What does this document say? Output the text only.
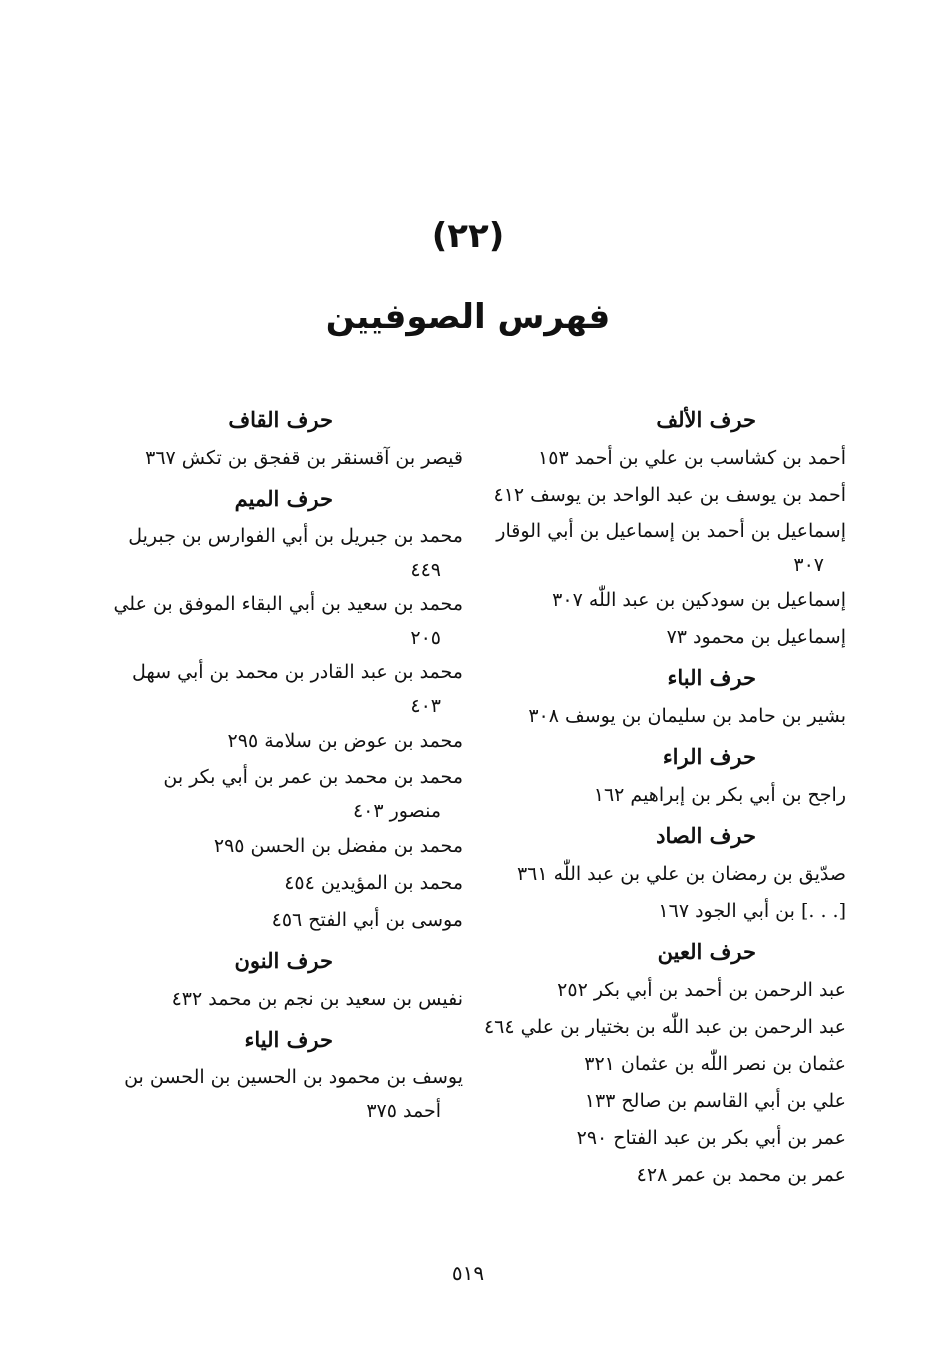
(٢٢)
فهرس الصوفيين
حرف الألف
أحمد بن كشاسب بن علي بن أحمد ١٥٣
أحمد بن يوسف بن عبد الواحد بن يوسف ٤١٢
إسماعيل بن أحمد بن إسماعيل بن أبي الوقار
٣٠٧
إسماعيل بن سودكين بن عبد اللّٰه ٣٠٧
إسماعيل بن محمود ٧٣
حرف الباء
بشير بن حامد بن سليمان بن يوسف ٣٠٨
حرف الراء
راجح بن أبي بكر بن إبراهيم ١٦٢
حرف الصاد
صدّيق بن رمضان بن علي بن عبد اللّٰه ٣٦١
[. . .] بن أبي الجود ١٦٧
حرف العين
عبد الرحمن بن أحمد بن أبي بكر ٢٥٢
عبد الرحمن بن عبد اللّٰه بن بختيار بن علي ٤٦٤
عثمان بن نصر اللّٰه بن عثمان ٣٢١
علي بن أبي القاسم بن صالح ١٣٣
عمر بن أبي بكر بن عبد الفتاح ٢٩٠
عمر بن محمد بن عمر ٤٢٨
حرف القاف
قيصر بن آقسنقر بن قفجق بن تكش ٣٦٧
حرف الميم
محمد بن جبريل بن أبي الفوارس بن جبريل
٤٤٩
محمد بن سعيد بن أبي البقاء الموفق بن علي
٢٠٥
محمد بن عبد القادر بن محمد بن أبي سهل
٤٠٣
محمد بن عوض بن سلامة ٢٩٥
محمد بن محمد بن عمر بن أبي بكر بن
منصور ٤٠٣
محمد بن مفضل بن الحسن ٢٩٥
محمد بن المؤيدين ٤٥٤
موسى بن أبي الفتح ٤٥٦
حرف النون
نفيس بن سعيد بن نجم بن محمد ٤٣٢
حرف الياء
يوسف بن محمود بن الحسين بن الحسن بن
أحمد ٣٧٥
٥١٩
